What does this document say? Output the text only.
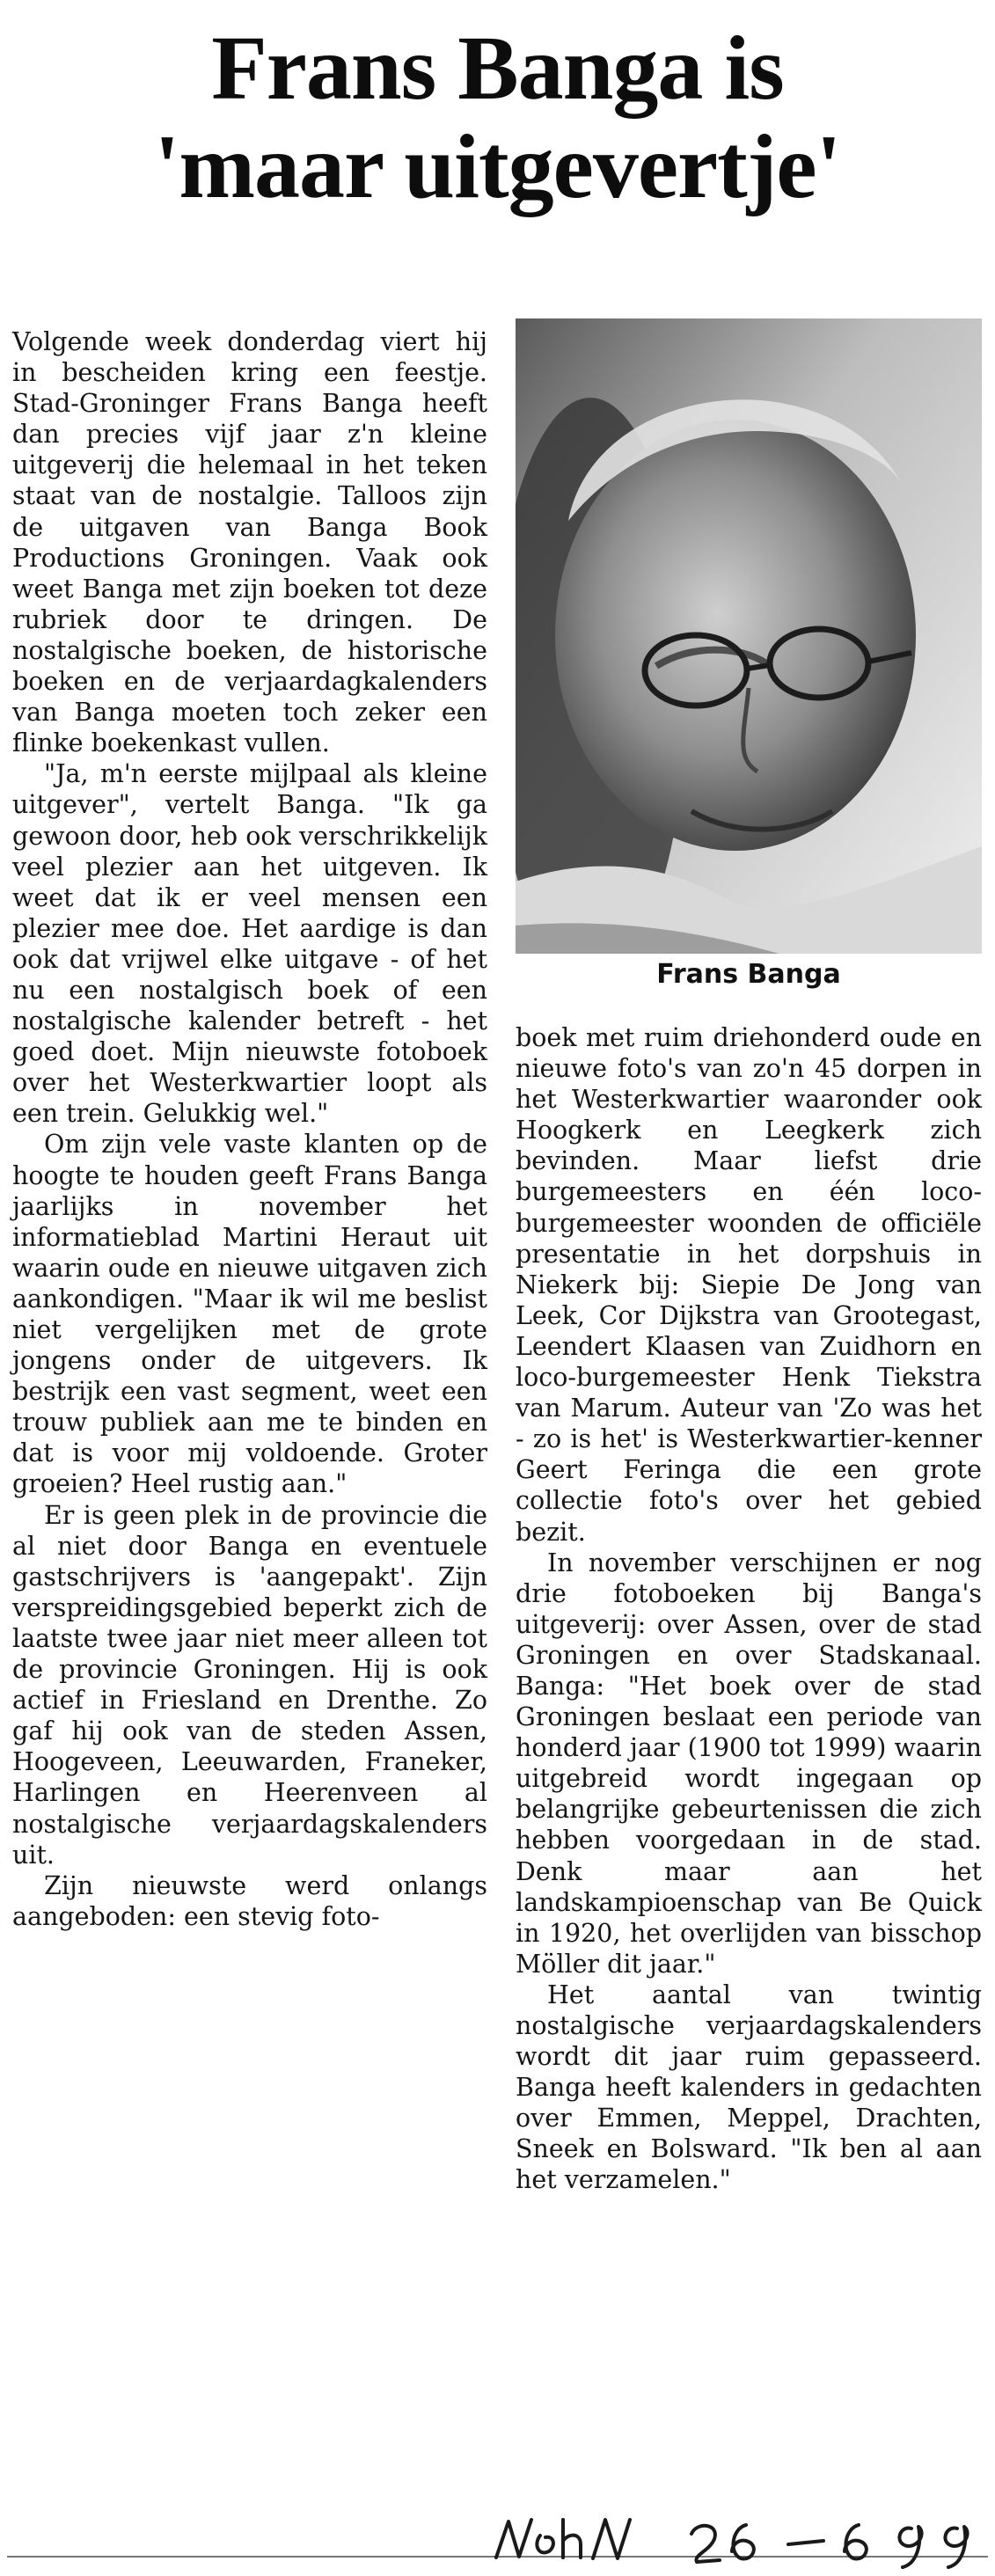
Frans Banga is
'maar uitgevertje'

Volgende week donderdag viert hij in bescheiden kring een feestje. Stad-Groninger Frans Banga heeft dan precies vijf jaar z'n kleine uitgeverij die helemaal in het teken staat van de nostalgie. Talloos zijn de uitgaven van Banga Book Productions Groningen. Vaak ook weet Banga met zijn boeken tot deze rubriek door te dringen. De nostalgische boeken, de historische boeken en de verjaardagkalenders van Banga moeten toch zeker een flinke boekenkast vullen.

"Ja, m'n eerste mijlpaal als kleine uitgever", vertelt Banga. "Ik ga gewoon door, heb ook verschrikkelijk veel plezier aan het uitgeven. Ik weet dat ik er veel mensen een plezier mee doe. Het aardige is dan ook dat vrijwel elke uitgave - of het nu een nostalgisch boek of een nostalgische kalender betreft - het goed doet. Mijn nieuwste fotoboek over het Westerkwartier loopt als een trein. Gelukkig wel."

Om zijn vele vaste klanten op de hoogte te houden geeft Frans Banga jaarlijks in november het informatieblad Martini Heraut uit waarin oude en nieuwe uitgaven zich aankondigen. "Maar ik wil me beslist niet vergelijken met de grote jongens onder de uitgevers. Ik bestrijk een vast segment, weet een trouw publiek aan me te binden en dat is voor mij voldoende. Groter groeien? Heel rustig aan."

Er is geen plek in de provincie die al niet door Banga en eventuele gastschrijvers is 'aangepakt'. Zijn verspreidingsgebied beperkt zich de laatste twee jaar niet meer alleen tot de provincie Groningen. Hij is ook actief in Friesland en Drenthe. Zo gaf hij ook van de steden Assen, Hoogeveen, Leeuwarden, Franeker, Harlingen en Heerenveen al nostalgische verjaardagskalenders uit.

Zijn nieuwste werd onlangs aangeboden: een stevig foto-

Frans Banga

boek met ruim driehonderd oude en nieuwe foto's van zo'n 45 dorpen in het Westerkwartier waaronder ook Hoogkerk en Leegkerk zich bevinden. Maar liefst drie burgemeesters en één loco-burgemeester woonden de officiële presentatie in het dorpshuis in Niekerk bij: Siepie De Jong van Leek, Cor Dijkstra van Grootegast, Leendert Klaasen van Zuidhorn en loco-burgemeester Henk Tiekstra van Marum. Auteur van 'Zo was het - zo is het' is Westerkwartier-kenner Geert Feringa die een grote collectie foto's over het gebied bezit.

In november verschijnen er nog drie fotoboeken bij Banga's uitgeverij: over Assen, over de stad Groningen en over Stadskanaal. Banga: "Het boek over de stad Groningen beslaat een periode van honderd jaar (1900 tot 1999) waarin uitgebreid wordt ingegaan op belangrijke gebeurtenissen die zich hebben voorgedaan in de stad. Denk maar aan het landskampioenschap van Be Quick in 1920, het overlijden van bisschop Möller dit jaar."

Het aantal van twintig nostalgische verjaardagskalenders wordt dit jaar ruim gepasseerd. Banga heeft kalenders in gedachten over Emmen, Meppel, Drachten, Sneek en Bolsward. "Ik ben al aan het verzamelen."
